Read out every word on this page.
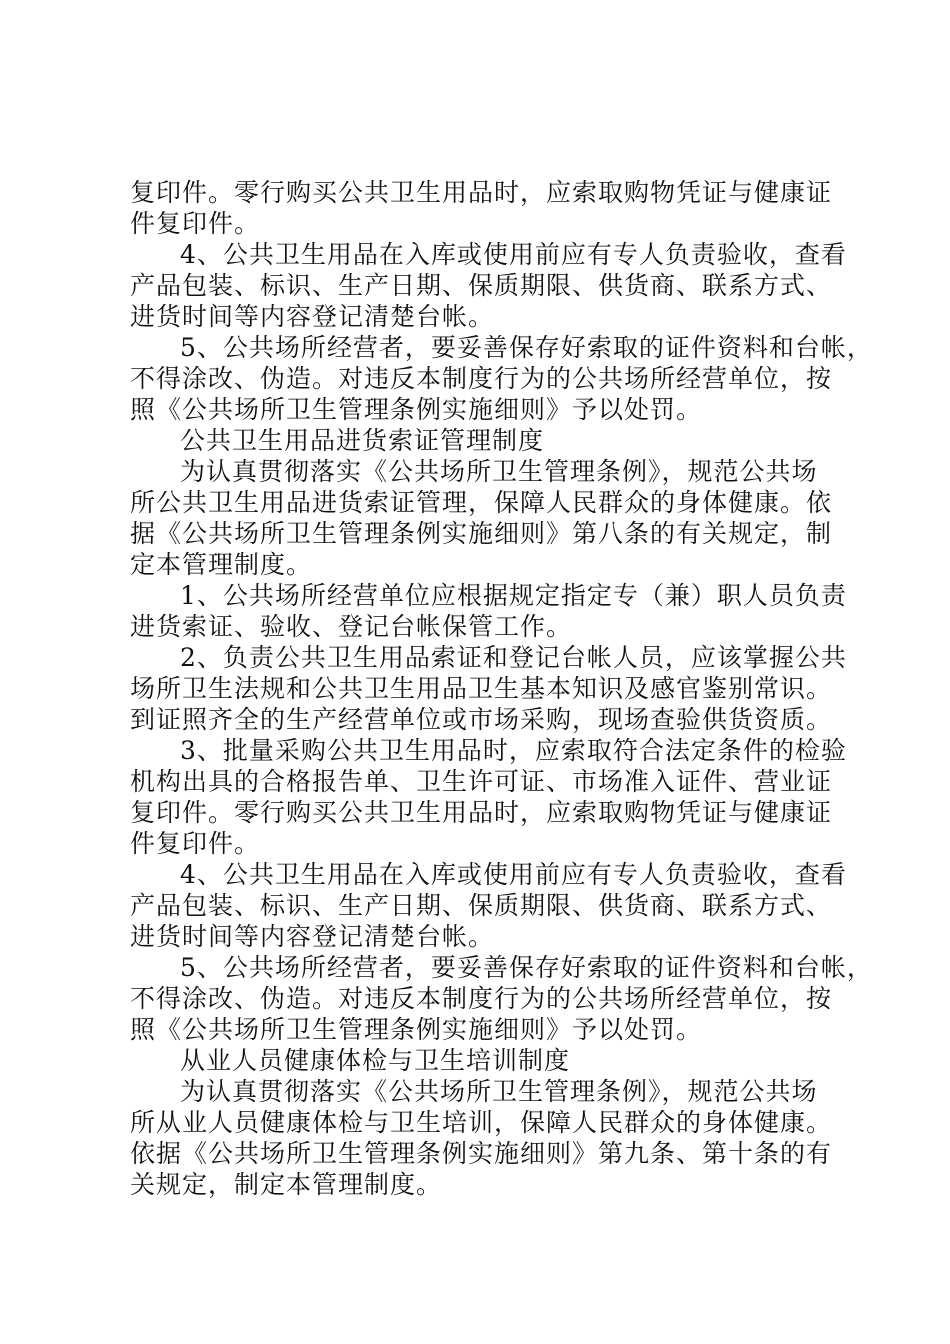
复印件。零行购买公共卫生用品时，应索取购物凭证与健康证
件复印件。
4、公共卫生用品在入库或使用前应有专人负责验收，查看
产品包装、标识、生产日期、保质期限、供货商、联系方式、
进货时间等内容登记清楚台帐。
5、公共场所经营者，要妥善保存好索取的证件资料和台帐，
不得涂改、伪造。对违反本制度行为的公共场所经营单位，按
照《公共场所卫生管理条例实施细则》予以处罚。
公共卫生用品进货索证管理制度
为认真贯彻落实《公共场所卫生管理条例》，规范公共场
所公共卫生用品进货索证管理，保障人民群众的身体健康。依
据《公共场所卫生管理条例实施细则》第八条的有关规定，制
定本管理制度。
1、公共场所经营单位应根据规定指定专（兼）职人员负责
进货索证、验收、登记台帐保管工作。
2、负责公共卫生用品索证和登记台帐人员，应该掌握公共
场所卫生法规和公共卫生用品卫生基本知识及感官鉴别常识。
到证照齐全的生产经营单位或市场采购，现场查验供货资质。
3、批量采购公共卫生用品时，应索取符合法定条件的检验
机构出具的合格报告单、卫生许可证、市场准入证件、营业证
复印件。零行购买公共卫生用品时，应索取购物凭证与健康证
件复印件。
4、公共卫生用品在入库或使用前应有专人负责验收，查看
产品包装、标识、生产日期、保质期限、供货商、联系方式、
进货时间等内容登记清楚台帐。
5、公共场所经营者，要妥善保存好索取的证件资料和台帐，
不得涂改、伪造。对违反本制度行为的公共场所经营单位，按
照《公共场所卫生管理条例实施细则》予以处罚。
从业人员健康体检与卫生培训制度
为认真贯彻落实《公共场所卫生管理条例》，规范公共场
所从业人员健康体检与卫生培训，保障人民群众的身体健康。
依据《公共场所卫生管理条例实施细则》第九条、第十条的有
关规定，制定本管理制度。
